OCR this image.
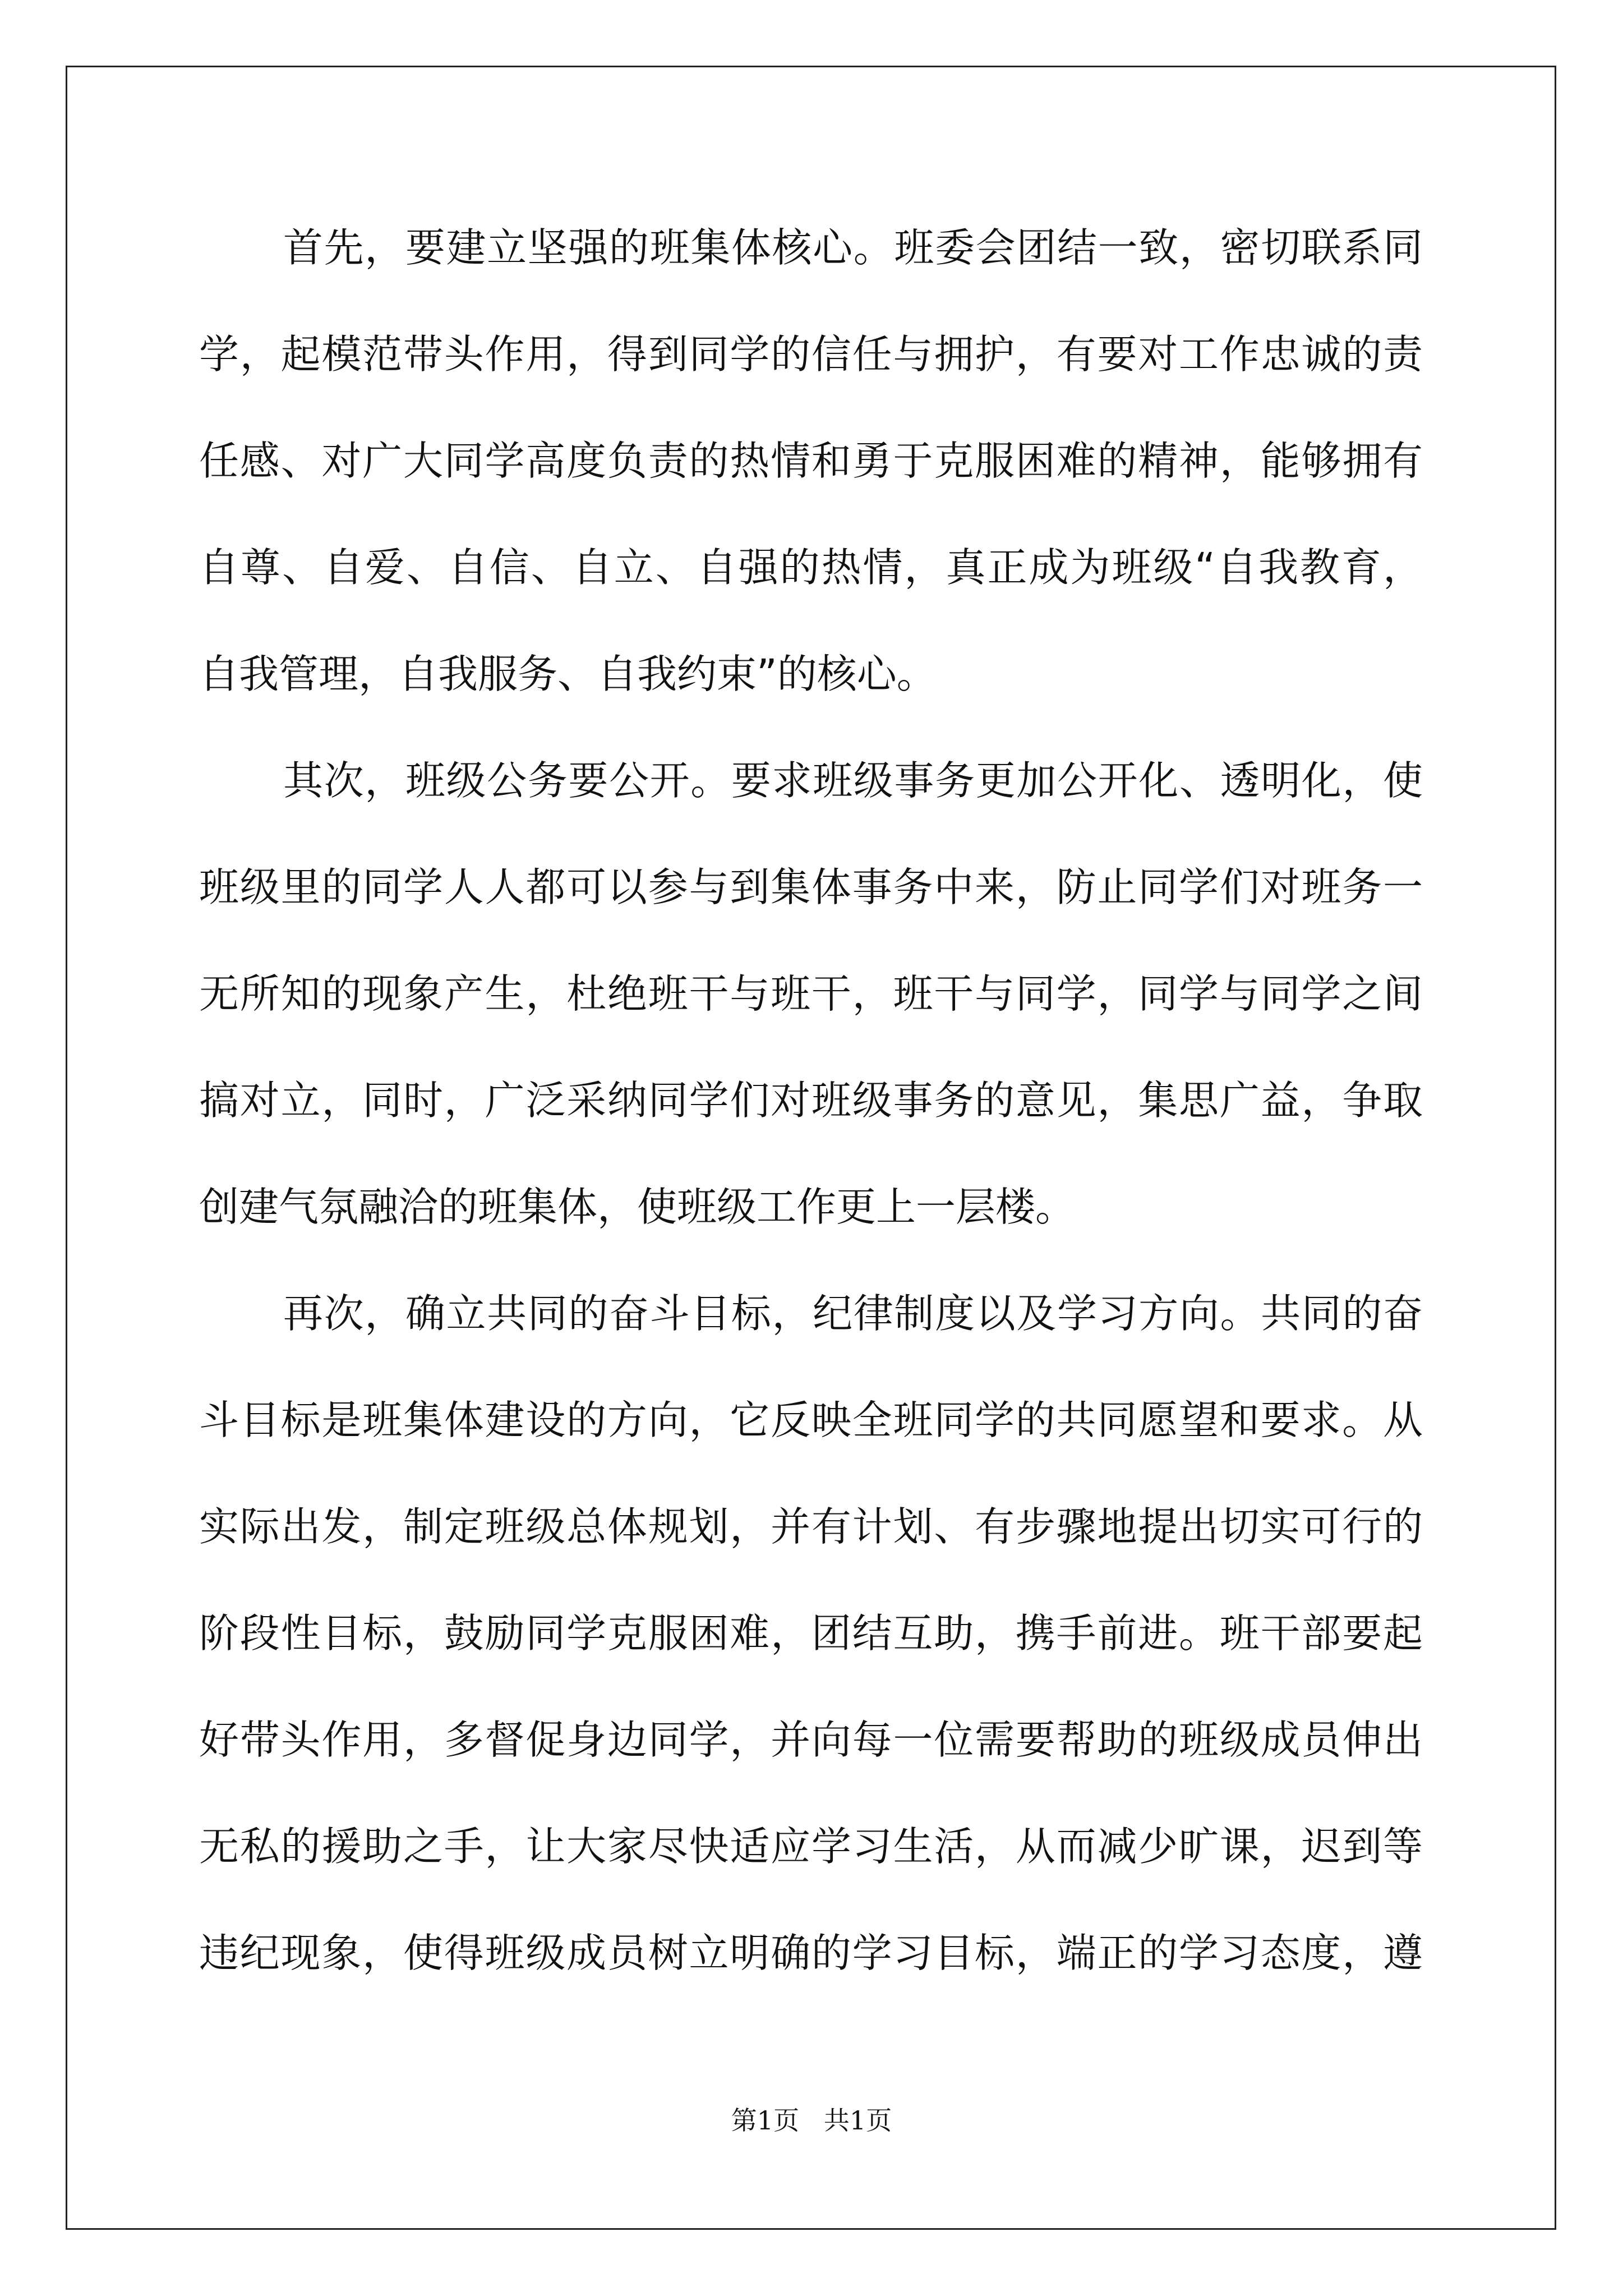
首先，要建立坚强的班集体核心。班委会团结一致，密切联系同
学，起模范带头作用，得到同学的信任与拥护，有要对工作忠诚的责
任感、对广大同学高度负责的热情和勇于克服困难的精神，能够拥有
自尊、自爱、自信、自立、自强的热情，真正成为班级“自我教育，
自我管理，自我服务、自我约束”的核心。
其次，班级公务要公开。要求班级事务更加公开化、透明化，使
班级里的同学人人都可以参与到集体事务中来，防止同学们对班务一
无所知的现象产生，杜绝班干与班干，班干与同学，同学与同学之间
搞对立，同时，广泛采纳同学们对班级事务的意见，集思广益，争取
创建气氛融洽的班集体，使班级工作更上一层楼。
再次，确立共同的奋斗目标，纪律制度以及学习方向。共同的奋
斗目标是班集体建设的方向，它反映全班同学的共同愿望和要求。从
实际出发，制定班级总体规划，并有计划、有步骤地提出切实可行的
阶段性目标，鼓励同学克服困难，团结互助，携手前进。班干部要起
好带头作用，多督促身边同学，并向每一位需要帮助的班级成员伸出
无私的援助之手，让大家尽快适应学习生活，从而减少旷课，迟到等
违纪现象，使得班级成员树立明确的学习目标，端正的学习态度，遵
第1页   共1页
